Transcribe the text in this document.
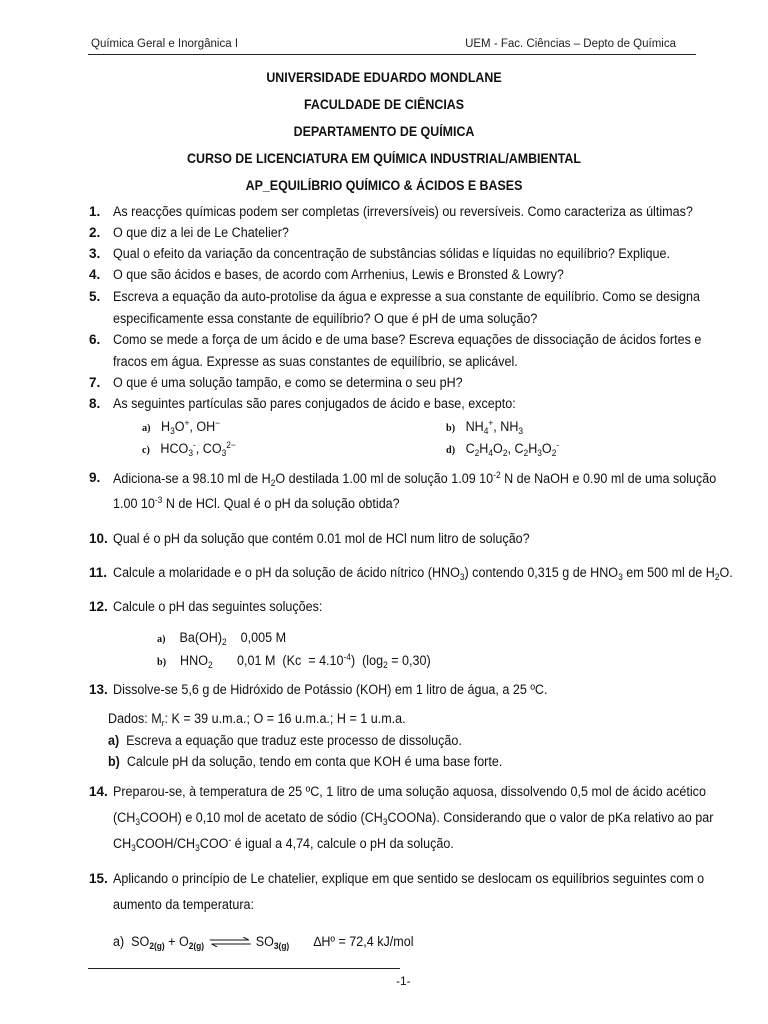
Química Geral e Inorgânica I	UEM - Fac. Ciências – Depto de Química
UNIVERSIDADE EDUARDO MONDLANE
FACULDADE DE CIÊNCIAS
DEPARTAMENTO DE QUÍMICA
CURSO DE LICENCIATURA EM QUÍMICA INDUSTRIAL/AMBIENTAL
AP_EQUILÍBRIO QUÍMICO & ÁCIDOS E BASES
1. As reacções químicas podem ser completas (irreversíveis) ou reversíveis. Como caracteriza as últimas?
2. O que diz a lei de Le Chatelier?
3. Qual o efeito da variação da concentração de substâncias sólidas e líquidas no equilíbrio? Explique.
4. O que são ácidos e bases, de acordo com Arrhenius, Lewis e Bronsted & Lowry?
5. Escreva a equação da auto-protolise da água e expresse a sua constante de equilíbrio. Como se designa
especificamente essa constante de equilíbrio? O que é pH de uma solução?
6. Como se mede a força de um ácido e de uma base? Escreva equações de dissociação de ácidos fortes e
fracos em água. Expresse as suas constantes de equilíbrio, se aplicável.
7. O que é uma solução tampão, e como se determina o seu pH?
8. As seguintes partículas são pares conjugados de ácido e base, excepto:
a) $H_3O^+$, OH−	b) $NH_4^+$, $NH_3$
c) $HCO_3^-$, $CO_3^{2-}$	d) $C_2H_4O_2$, $C_2H_3O_2^-$
9. Adiciona-se a 98.10 ml de $H_2O$ destilada 1.00 ml de solução 1.09 $10^{-2}$ N de NaOH e 0.90 ml de uma solução
1.00 $10^{-3}$ N de HCl. Qual é o pH da solução obtida?
10. Qual é o pH da solução que contém 0.01 mol de HCl num litro de solução?
11. Calcule a molaridade e o pH da solução de ácido nítrico $(HNO_3)$ contendo 0,315 g de $HNO_3$ em 500 ml de $H_2O$.
12. Calcule o pH das seguintes soluções:
a) $Ba(OH)_2$ 0,005 M
b) $HNO_2$ 0,01 M $(Kc = 4.10^{-4})$  $(\log_2 = 0,30)$
13. Dissolve-se 5,6 g de Hidróxido de Potássio (KOH) em 1 litro de água, a 25 ºC.
Dados: $M_r$: K = 39 u.m.a.; O = 16 u.m.a.; H = 1 u.m.a.
a) Escreva a equação que traduz este processo de dissolução.
b) Calcule pH da solução, tendo em conta que KOH é uma base forte.
14. Preparou-se, à temperatura de 25 ºC, 1 litro de uma solução aquosa, dissolvendo 0,5 mol de ácido acético
$(CH_3COOH)$ e 0,10 mol de acetato de sódio $(CH_3COONa)$. Considerando que o valor de pKa relativo ao par
$CH_3COOH/CH_3COO^-$ é igual a 4,74, calcule o pH da solução.
15. Aplicando o princípio de Le chatelier, explique em que sentido se deslocam os equilíbrios seguintes com o
aumento da temperatura:
a) $SO_{2(g)} + O_{2(g)}$ ⇌ $SO_{3(g)}$ ∆Hº = 72,4 kJ/mol
-1-
